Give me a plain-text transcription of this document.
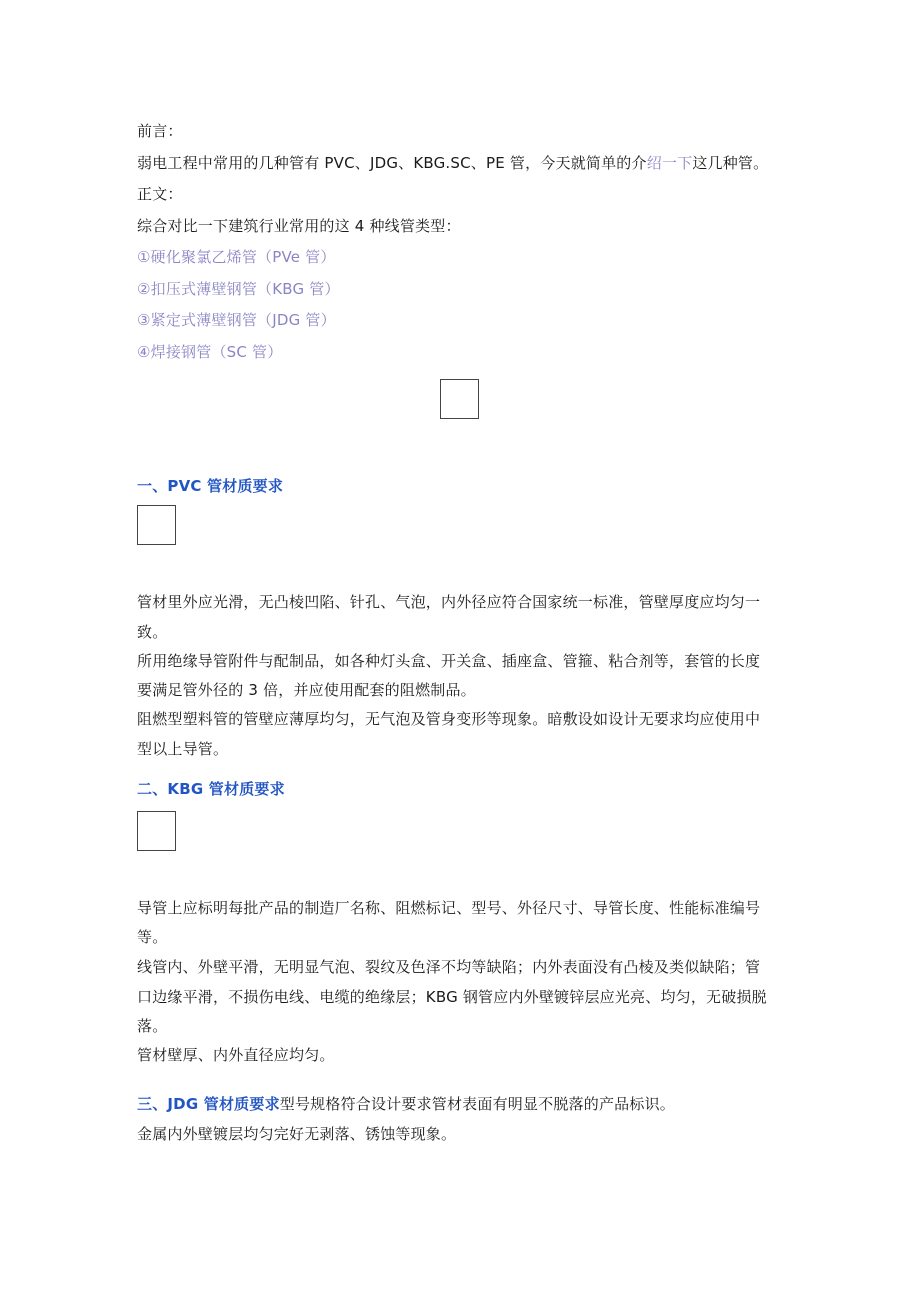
前言：
弱电工程中常用的几种管有 PVC、JDG、KBG.SC、PE 管，今天就简单的介绍一下这几种管。
正文：
综合对比一下建筑行业常用的这 4 种线管类型：
①硬化聚氯乙烯管（PVe 管）
②扣压式薄壁钢管（KBG 管）
③紧定式薄壁钢管（JDG 管）
④焊接钢管（SC 管）
一、PVC 管材质要求
管材里外应光滑，无凸棱凹陷、针孔、气泡，内外径应符合国家统一标准，管壁厚度应均匀一
致。
所用绝缘导管附件与配制品，如各种灯头盒、开关盒、插座盒、管箍、粘合剂等，套管的长度
要满足管外径的 3 倍，并应使用配套的阻燃制品。
阻燃型塑料管的管壁应薄厚均匀，无气泡及管身变形等现象。暗敷设如设计无要求均应使用中
型以上导管。
二、KBG 管材质要求
导管上应标明每批产品的制造厂名称、阻燃标记、型号、外径尺寸、导管长度、性能标准编号
等。
线管内、外壁平滑，无明显气泡、裂纹及色泽不均等缺陷；内外表面没有凸棱及类似缺陷；管
口边缘平滑，不损伤电线、电缆的绝缘层；KBG 钢管应内外壁镀锌层应光亮、均匀，无破损脱
落。
管材壁厚、内外直径应均匀。
三、JDG 管材质要求型号规格符合设计要求管材表面有明显不脱落的产品标识。
金属内外壁镀层均匀完好无剥落、锈蚀等现象。
